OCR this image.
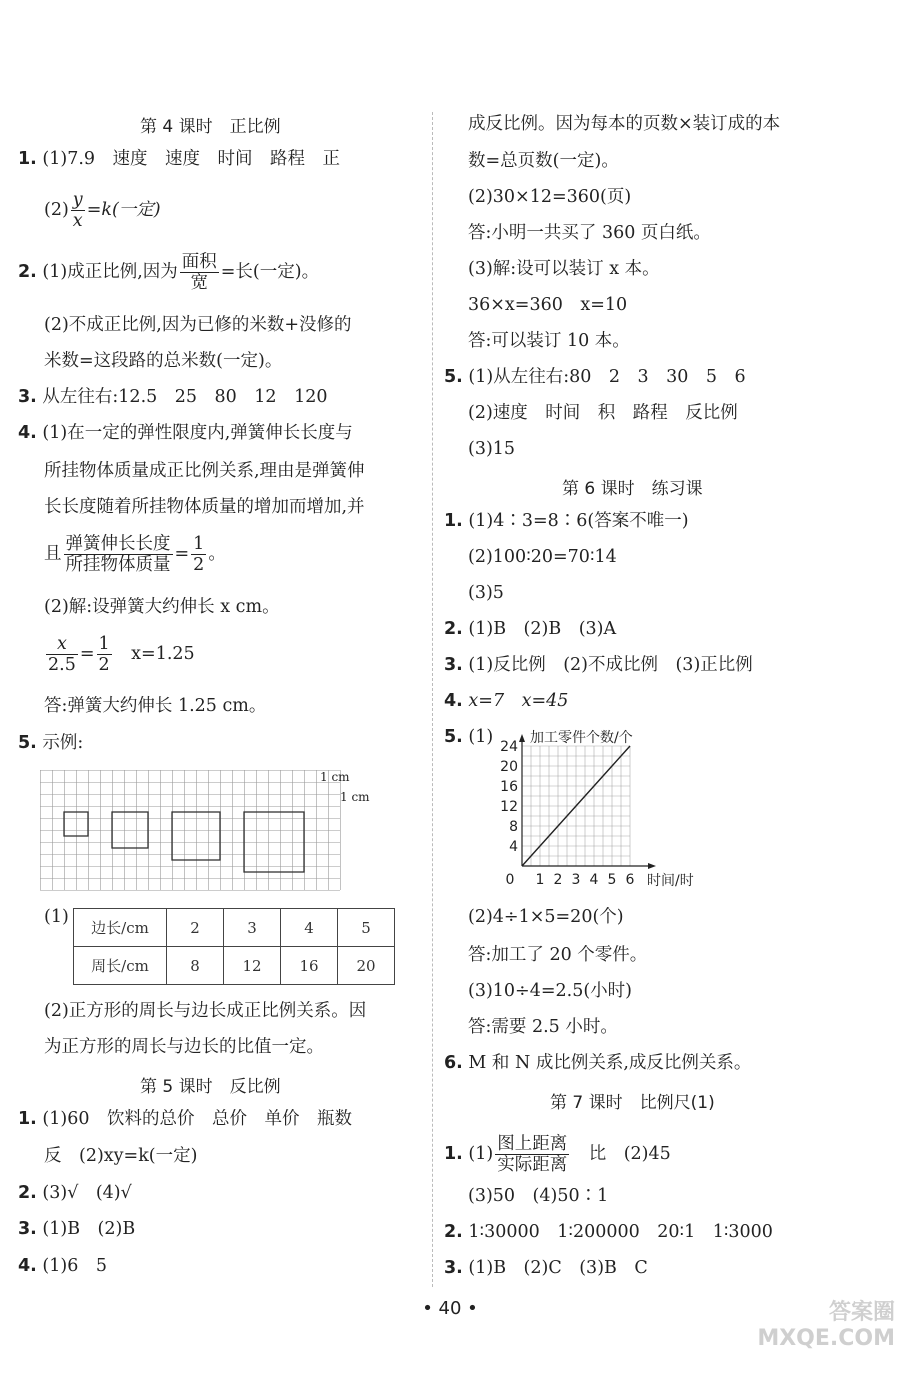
第 4 课时　正比例
1. (1)7.9　速度　速度　时间　路程　正
$(2) \frac{y}{x} =k$(一定)
2. (1)成正比例,因为 $\frac{\text{面积}}{\text{宽}}$ =长(一定)。
(2)不成正比例,因为已修的米数+没修的
米数=这段路的总米数(一定)。
3. 从左往右:12.5　25　80　12　120
4. (1)在一定的弹性限度内,弹簧伸长长度与
所挂物体质量成正比例关系,理由是弹簧伸
长长度随着所挂物体质量的增加而增加,并
且 $\frac{\text{弹簧伸长长度}}{\text{所挂物体质量}} = \frac{1}{2}$ 。
(2)解:设弹簧大约伸长 x cm。
$\frac{x}{2.5} = \frac{1}{2}$ 　x=1.25
答:弹簧大约伸长 1.25 cm。
5. 示例:
1 cm
1 cm
(1)
边长/cm	2	3	4	5
周长/cm	8	12	16	20
(2)正方形的周长与边长成正比例关系。因
为正方形的周长与边长的比值一定。
第 5 课时　反比例
1. (1)60　饮料的总价　总价　单价　瓶数
反　(2)xy=k(一定)
2. (3)√　(4)√
3. (1)B　(2)B
4. (1)6　5
成反比例。因为每本的页数×装订成的本
数=总页数(一定)。
(2)30×12=360(页)
答:小明一共买了 360 页白纸。
(3)解:设可以装订 x 本。
36×x=360　x=10
答:可以装订 10 本。
5. (1)从左往右:80　2　3　30　5　6
(2)速度　时间　积　路程　反比例
(3)15
第 6 课时　练习课
1. (1)4∶3=8∶6(答案不唯一)
(2)100∶20=70∶14
(3)5
2. (1)B　(2)B　(3)A
3. (1)反比例　(2)不成比例　(3)正比例
4. x=7　x=45
5. (1)
0 1 2 3 4 5 6
4
8
12
16
20
24
加工零件个数/个
时间/时
(2)4÷1×5=20(个)
答:加工了 20 个零件。
(3)10÷4=2.5(小时)
答:需要 2.5 小时。
6. M 和 N 成比例关系,成反比例关系。
第 7 课时　比例尺(1)
1. $(1) \frac{\text{图上距离}}{\text{实际距离}}$ 　比　(2)45
(3)50　(4)50∶1
2. 1∶30000　1∶200000　20∶1　1∶3000
3. (1)B　(2)C　(3)B　C
• 40 •	答案圈 MXQE.COM
